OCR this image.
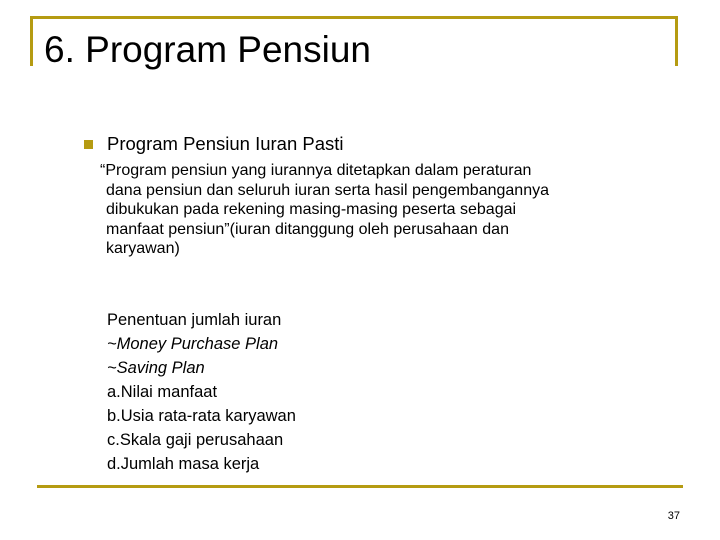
6. Program Pensiun
Program Pensiun Iuran Pasti
“Program pensiun yang iurannya ditetapkan dalam peraturan
dana pensiun dan seluruh iuran serta hasil pengembangannya
dibukukan pada rekening masing-masing peserta sebagai
manfaat pensiun”(iuran ditanggung oleh perusahaan dan
karyawan)
Penentuan jumlah iuran
~Money Purchase Plan
~Saving Plan
a.Nilai manfaat
b.Usia rata-rata karyawan
c.Skala gaji perusahaan
d.Jumlah masa kerja
37
